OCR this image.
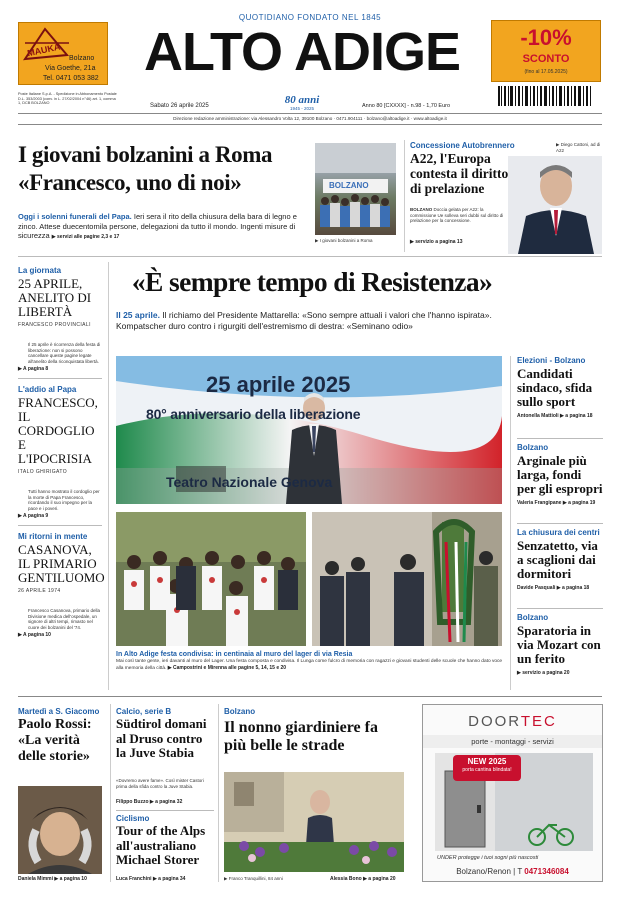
MAUKA
Bolzano
Via Goethe, 21a
Tel. 0471 053 382
QUOTIDIANO FONDATO NEL 1845
ALTO ADIGE	-10%
SCONTO
(fino al 17.05.2025)
Poste Italiane S.p.A. - Spedizione in Abbonamento Postale D.L. 353/2003 (conv. in L. 27/02/2004 n°46) art. 1, comma 1, DCB BOLZANO	Sabato 26 aprile 2025	80 anni
1945 - 2025	Anno 80 [CXXXX] - n.98 - 1,70 Euro
Direzione redazione amministrazione: via Alessandro Volta 12, 39100 Bolzano · 0471.904111 · bolzano@altoadige.it · www.altoadige.it
I giovani bolzanini a Roma
«Francesco, uno di noi»
Oggi i solenni funerali del Papa. Ieri sera il rito della chiusura della bara di legno e zinco. Attese duecentomila persone, delegazioni da tutto il mondo. Ingenti misure di sicurezza ▶ servizi alle pagine 2,3 e 17
BOLZANO
▶ I giovani bolzanini a Roma
Concessione Autobrennero
A22, l'Europa contesta il diritto di prelazione
BOLZANO Doccia gelata per A22: la commissione Ue solleva seri dubbi sul diritto di prelazione per la concessione.
▶ servizio a pagina 13
▶ Diego Cattoni, ad di A22
La giornata
25 APRILE, ANELITO DI LIBERTÀ
FRANCESCO PROVINCIALI
Il 25 aprile è ricorrenza della festa di liberazione: non si possono cancellare queste pagine legate all'anelito della riconquistata libertà.
▶ A pagina 8
L'addio al Papa
FRANCESCO, IL CORDOGLIO E L'IPOCRISIA
ITALO GHIRIGATO
Tutti hanno mostrato il cordoglio per la morte di Papa Francesco, ricordando il suo impegno per la pace e i poveri.
▶ A pagina 9
Mi ritorni in mente
CASANOVA, IL PRIMARIO GENTILUOMO
26 APRILE 1974
Francesco Casanova, primario della Divisione medica dell'ospedale, un signore di altri tempi, rimasto nel cuore dei bolzanini del '74.
▶ A pagina 10
«È sempre tempo di Resistenza»
Il 25 aprile. Il richiamo del Presidente Mattarella: «Sono sempre attuali i valori che l'hanno ispirata». Kompatscher duro contro i rigurgiti dell'estremismo di destra: «Seminano odio»
25 aprile 2025
80° anniversario della liberazione
Teatro Nazionale Genova
In Alto Adige festa condivisa: in centinaia al muro del lager di via Resia
Mai così tante gente, ieri davanti al muro del Lager. Una festa composta e condivisa. Il Lunga come fulcro di memoria con ragazzi e giovani studenti delle scuole che hanno dato voce alla memoria della città. ▶ Campostrini e Mirenna alle pagine 5, 14, 15 e 20
Elezioni - Bolzano
Candidati sindaco, sfida sullo sport
Antonella Mattioli ▶ a pagina 18
Bolzano
Arginale più larga, fondi per gli espropri
Valeria Frangipane ▶ a pagina 19
La chiusura dei centri
Senzatetto, via a scaglioni dai dormitori
Davide Pasquali ▶ a pagina 18
Bolzano
Sparatoria in via Mozart con un ferito
▶ servizio a pagina 20
Martedì a S. Giacomo
Paolo Rossi: «La verità delle storie»
Daniela Mimmi ▶ a pagina 10
Calcio, serie B
Südtirol domani al Druso contro la Juve Stabia
«Dovremo avere fame». Così mister Castori prima della sfida contro la Juve Stabia.
Filippo Buzzo ▶ a pagina 32
Ciclismo
Tour of the Alps all'australiano Michael Storer
Luca Franchini ▶ a pagina 34
Bolzano
Il nonno giardiniere fa più belle le strade
▶ Franco Tranquillini, 84 anni	Alessia Bono ▶ a pagina 20
DOORTEC
porte - montaggi - servizi
NEW 2025
porta cantina blindata!
UNDER protegge i tuoi sogni più nascosti
Bolzano/Renon | T 0471346084
